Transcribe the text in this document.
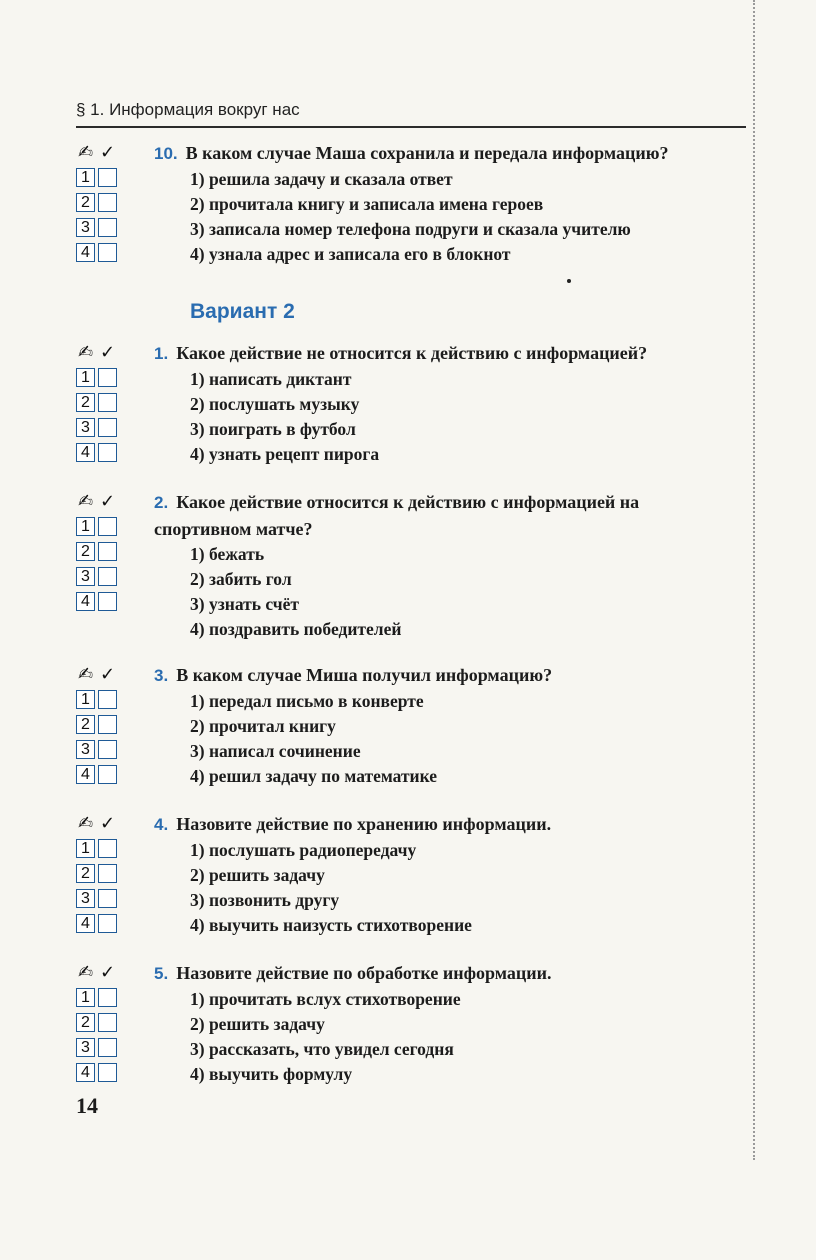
§ 1. Информация вокруг нас
✍ ✓
1
2
3
4
10. В каком случае Маша сохранила и передала информацию?
1) решила задачу и сказала ответ
2) прочитала книгу и записала имена героев
3) записала номер телефона подруги и сказала учителю
4) узнала адрес и записала его в блокнот
Вариант 2
✍ ✓
1
2
3
4
1. Какое действие не относится к действию с информацией?
1) написать диктант
2) послушать музыку
3) поиграть в футбол
4) узнать рецепт пирога
✍ ✓
1
2
3
4
2. Какое действие относится к действию с информацией на
спортивном матче?
1) бежать
2) забить гол
3) узнать счёт
4) поздравить победителей
✍ ✓
1
2
3
4
3. В каком случае Миша получил информацию?
1) передал письмо в конверте
2) прочитал книгу
3) написал сочинение
4) решил задачу по математике
✍ ✓
1
2
3
4
4. Назовите действие по хранению информации.
1) послушать радиопередачу
2) решить задачу
3) позвонить другу
4) выучить наизусть стихотворение
✍ ✓
1
2
3
4
5. Назовите действие по обработке информации.
1) прочитать вслух стихотворение
2) решить задачу
3) рассказать, что увидел сегодня
4) выучить формулу
14
